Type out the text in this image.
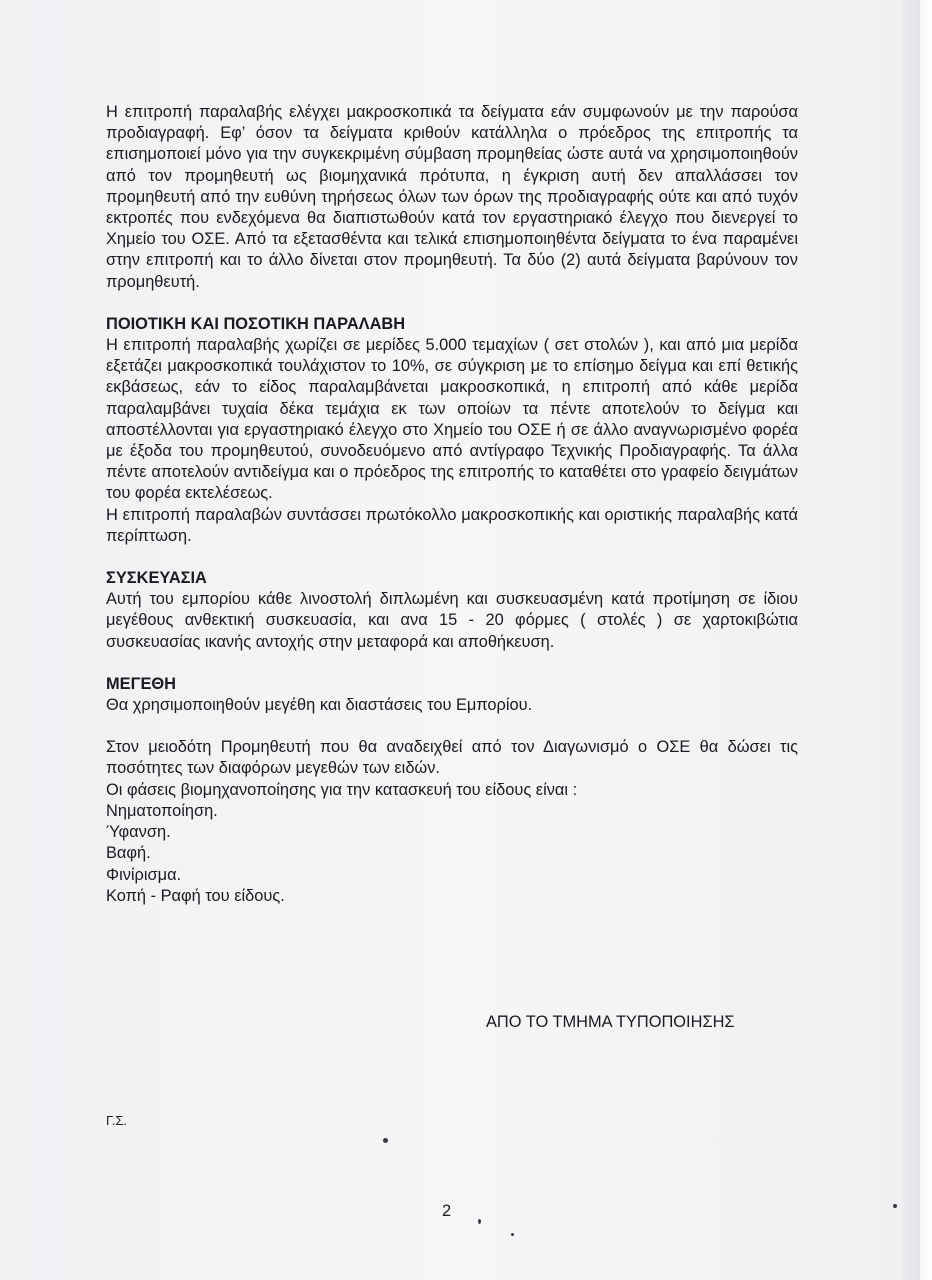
Η επιτροπή παραλαβής ελέγχει μακροσκοπικά τα δείγματα εάν συμφωνούν με την παρούσα προδιαγραφή. Εφ’ όσον τα δείγματα κριθούν κατάλληλα ο πρόεδρος της επιτροπής τα επισημοποιεί μόνο για την συγκεκριμένη σύμβαση προμηθείας ώστε αυτά να χρησιμοποιηθούν από τον προμηθευτή ως βιομηχανικά πρότυπα, η έγκριση αυτή δεν απαλλάσσει τον προμηθευτή από την ευθύνη τηρήσεως όλων των όρων της προδιαγραφής ούτε και από τυχόν εκτροπές που ενδεχόμενα θα διαπιστωθούν κατά τον εργαστηριακό έλεγχο που διενεργεί το Χημείο του ΟΣΕ. Από τα εξετασθέντα και τελικά επισημοποιηθέντα δείγματα το ένα παραμένει στην επιτροπή και το άλλο δίνεται στον προμηθευτή. Τα δύο (2) αυτά δείγματα βαρύνουν τον προμηθευτή.

ΠΟΙΟΤΙΚΗ ΚΑΙ ΠΟΣΟΤΙΚΗ ΠΑΡΑΛΑΒΗ

Η επιτροπή παραλαβής χωρίζει σε μερίδες 5.000 τεμαχίων ( σετ στολών ), και από μια μερίδα εξετάζει μακροσκοπικά τουλάχιστον το 10%, σε σύγκριση με το επίσημο δείγμα και επί θετικής εκβάσεως, εάν το είδος παραλαμβάνεται μακροσκοπικά, η επιτροπή από κάθε μερίδα παραλαμβάνει τυχαία δέκα τεμάχια εκ των οποίων τα πέντε αποτελούν το δείγμα και αποστέλλονται για εργαστηριακό έλεγχο στο Χημείο του ΟΣΕ ή σε άλλο αναγνωρισμένο φορέα με έξοδα του προμηθευτού, συνοδευόμενο από αντίγραφο Τεχνικής Προδιαγραφής. Τα άλλα πέντε αποτελούν αντιδείγμα και ο πρόεδρος της επιτροπής το καταθέτει στο γραφείο δειγμάτων του φορέα εκτελέσεως.

Η επιτροπή παραλαβών συντάσσει πρωτόκολλο μακροσκοπικής και οριστικής παραλαβής κατά περίπτωση.

ΣΥΣΚΕΥΑΣΙΑ

Αυτή του εμπορίου κάθε λινοστολή διπλωμένη και συσκευασμένη κατά προτίμηση σε ίδιου μεγέθους ανθεκτική συσκευασία, και ανα 15 - 20 φόρμες ( στολές ) σε χαρτοκιβώτια συσκευασίας ικανής αντοχής στην μεταφορά και αποθήκευση.

ΜΕΓΕΘΗ

Θα χρησιμοποιηθούν μεγέθη και διαστάσεις του Εμπορίου.

Στον μειοδότη Προμηθευτή που θα αναδειχθεί από τον Διαγωνισμό ο ΟΣΕ θα δώσει τις ποσότητες των διαφόρων μεγεθών των ειδών.

Οι φάσεις βιομηχανοποίησης για την κατασκευή του είδους είναι :

Νηματοποίηση.

Ύφανση.

Βαφή.

Φινίρισμα.

Κοπή - Ραφή του είδους.

ΑΠΟ ΤΟ ΤΜΗΜΑ ΤΥΠΟΠΟΙΗΣΗΣ
Γ.Σ.
2
